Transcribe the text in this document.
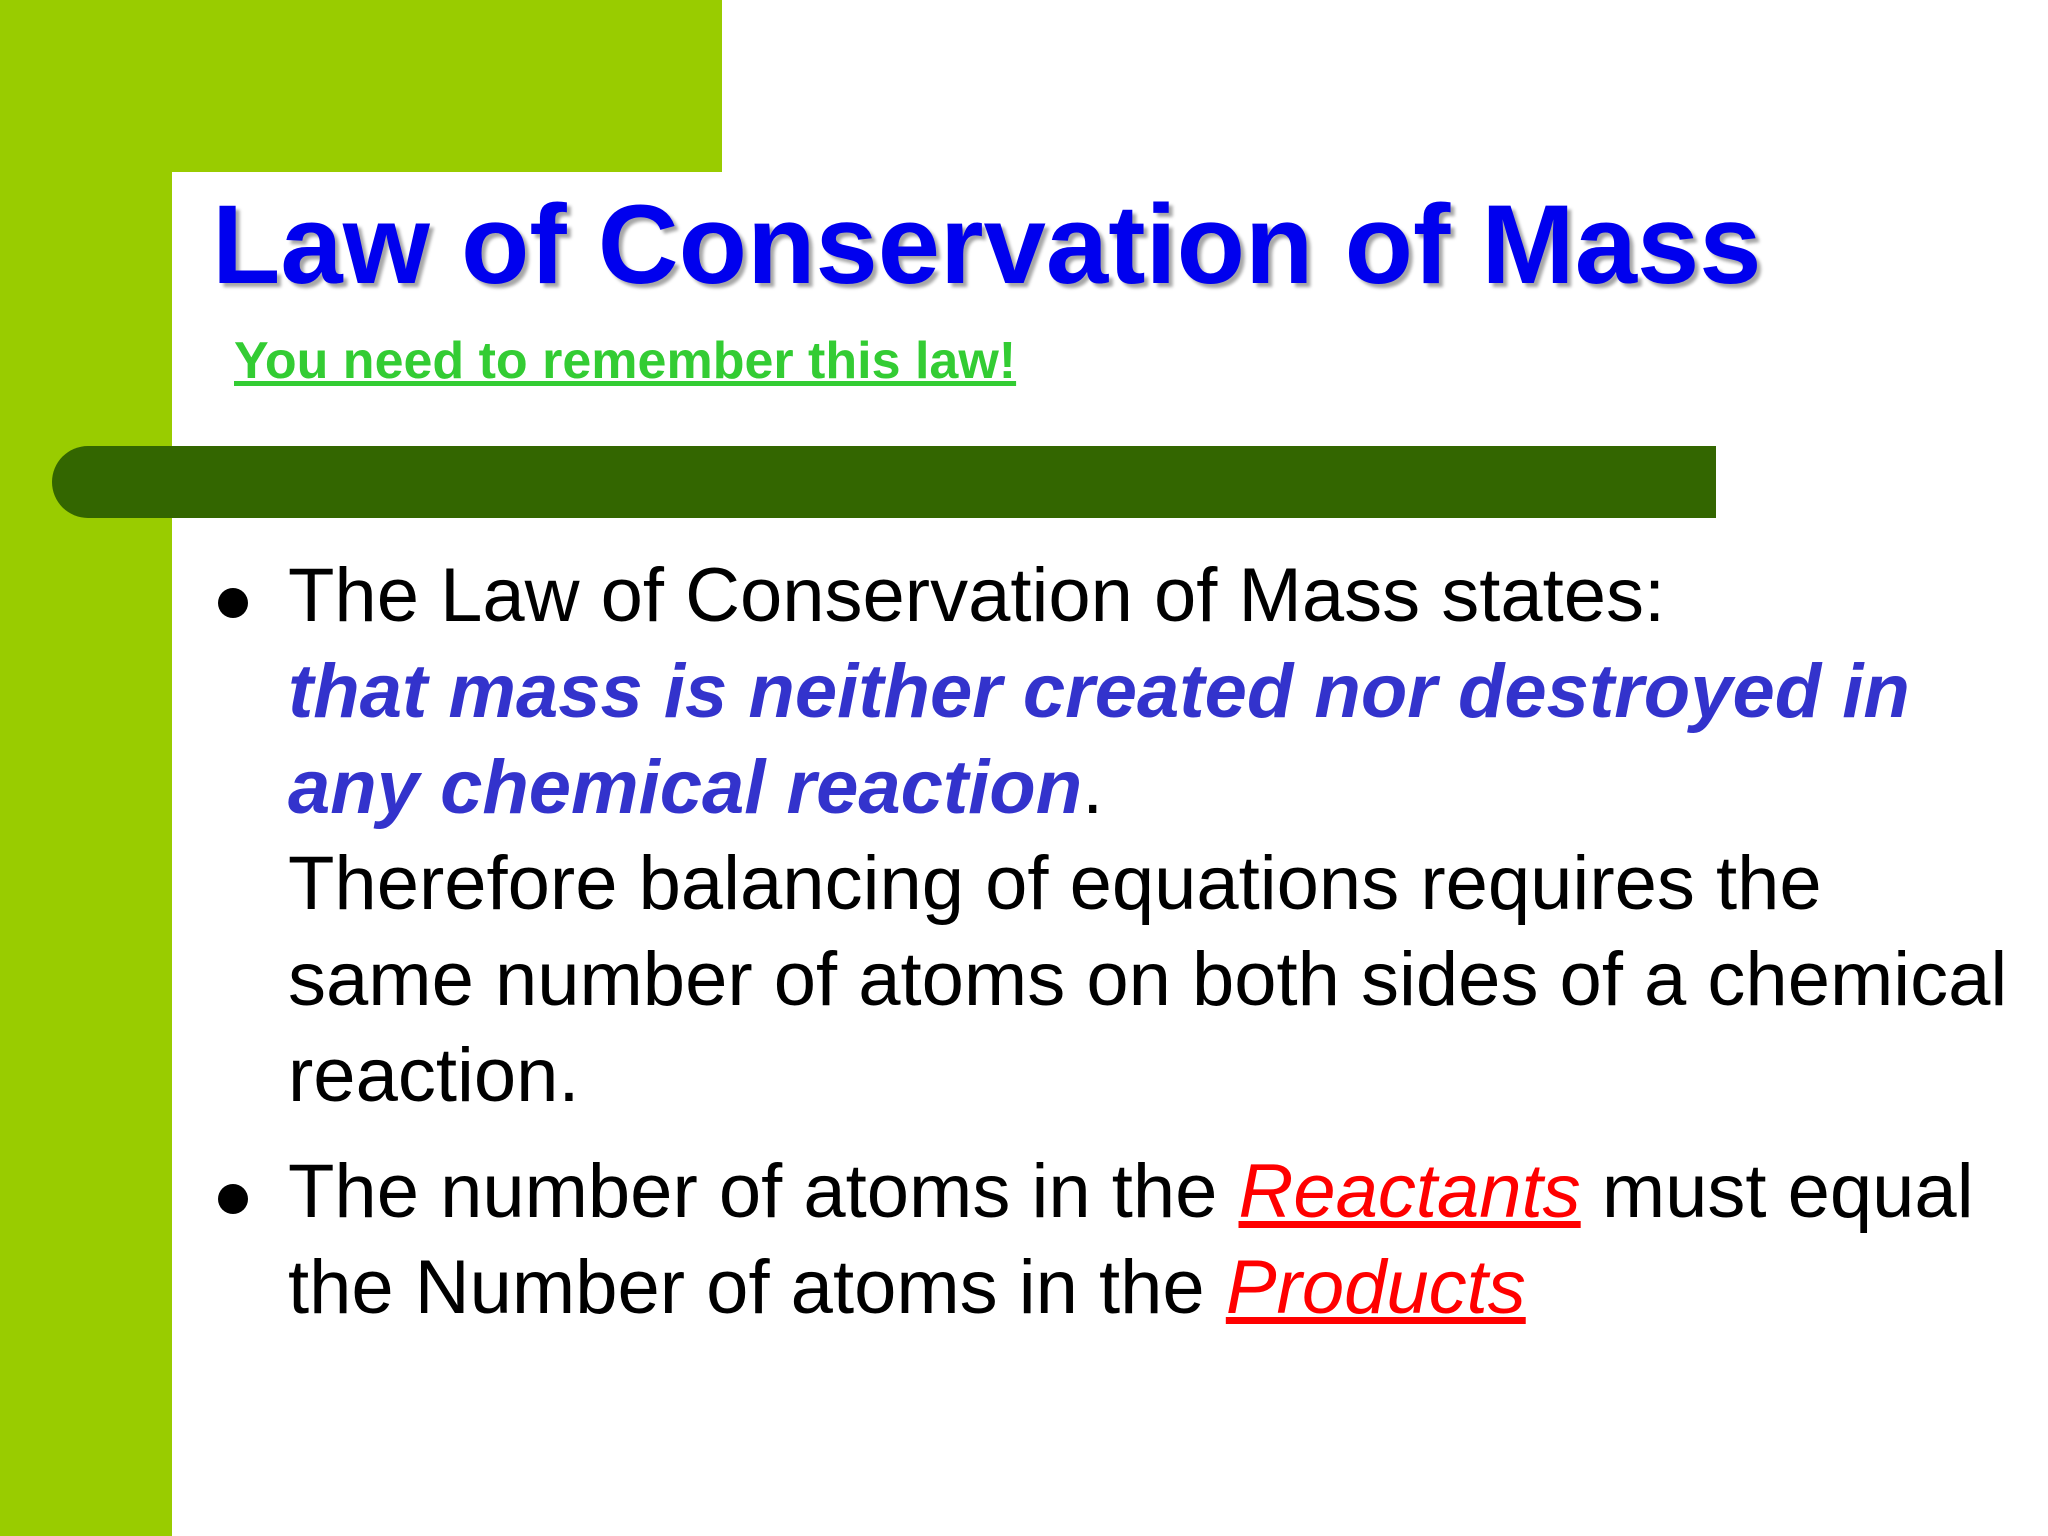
Law of Conservation of Mass
You need to remember this law!
The Law of Conservation of Mass states:
that mass is neither created nor destroyed in any chemical reaction.
Therefore balancing of equations requires the same number of atoms on both sides of a chemical reaction.
The number of atoms in the Reactants must equal the Number of atoms in the Products
